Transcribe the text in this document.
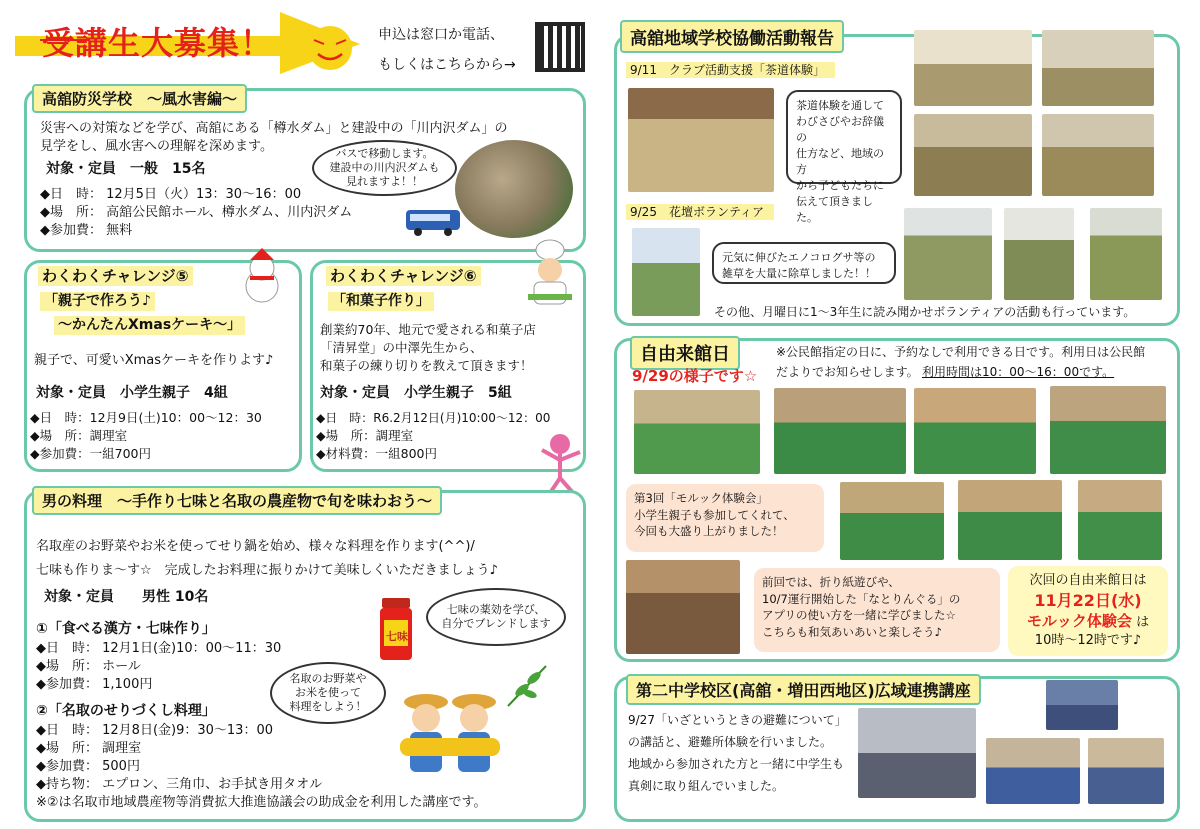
受講生大募集！	申込は窓口か電話、
もしくはこちらから→
高舘防災学校　～風水害編～
災害への対策などを学び、高舘にある「樽水ダム」と建設中の「川内沢ダム」の
見学をし、風水害への理解を深めます。
対象・定員　一般　15名
◆日　時： 12月5日（火）13：30～16：00
◆場　所： 高舘公民館ホール、樽水ダム、川内沢ダム
◆参加費： 無料
バスで移動します。
建設中の川内沢ダムも
見れますよ！！
わくわくチャレンジ⑤
「親子で作ろう♪
～かんたんXmasケーキ～」
親子で、可愛いXmasケーキを作りよす♪
対象・定員　小学生親子　4組
◆日　時：12月9日(土)10：00～12：30
◆場　所：調理室
◆参加費：一組700円
わくわくチャレンジ⑥
「和菓子作り」
創業約70年、地元で愛される和菓子店
「清昇堂」の中澤先生から、
和菓子の練り切りを教えて頂きます！
対象・定員　小学生親子　5組
◆日　時：R6.2月12日(月)10:00～12：00
◆場　所：調理室
◆材料費：一組800円
男の料理　～手作り七味と名取の農産物で旬を味わおう～
名取産のお野菜やお米を使ってせり鍋を始め、様々な料理を作ります(^^)/
七味も作りま～す☆　完成したお料理に振りかけて美味しくいただきましょう♪
対象・定員　　男性 10名
①「食べる漢方・七味作り」
◆日　時： 12月1日(金)10：00～11：30
◆場　所： ホール
◆参加費： 1,100円
②「名取のせりづくし料理」
◆日　時： 12月8日(金)9：30～13：00
◆場　所： 調理室
◆参加費： 500円
◆持ち物： エプロン、三角巾、お手拭き用タオル
※②は名取市地域農産物等消費拡大推進協議会の助成金を利用した講座です。
七味
七味の薬効を学び、
自分でブレンドします
名取のお野菜や
お米を使って
料理をしよう！
高舘地域学校協働活動報告
9/11　クラブ活動支援「茶道体験」
茶道体験を通して
わびさびやお辞儀の
仕方など、地域の方
から子どもたちに
伝えて頂きました。
9/25　花壇ボランティア
元気に伸びたエノコログサ等の
雑草を大量に除草しました！！
その他、月曜日に1～3年生に読み聞かせボランティアの活動も行っています。
自由来館日	※公民館指定の日に、予約なしで利用できる日です。利用日は公民館
だよりでお知らせします。 利用時間は10：00～16：00です。
9/29の様子です☆
第3回「モルック体験会」
小学生親子も参加してくれて、
今回も大盛り上がりました！
前回では、折り紙遊びや、
10/7運行開始した「なとりんぐる」の
アプリの使い方を一緒に学びました☆
こちらも和気あいあいと楽しそう♪
次回の自由来館日は
11月22日(水)
モルック体験会 は
10時～12時です♪
第二中学校区(高舘・増田西地区)広域連携講座
9/27「いざというときの避難について」
の講話と、避難所体験を行いました。
地域から参加された方と一緒に中学生も
真剣に取り組んでいました。
